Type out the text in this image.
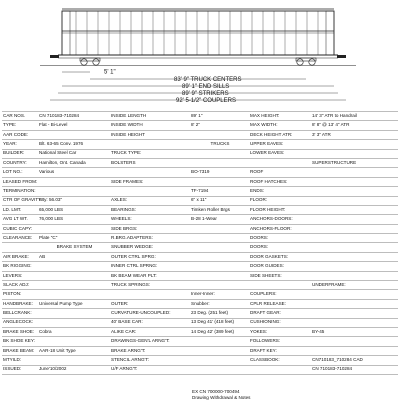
5' 1"
83' 9" TRUCK CENTERS
89' 1" END SILLS
89' 9" STRIKERS
92' 5-1/2" COUPLERS
CAR NOS.	CN 710183-710284	INSIDE LENGTH	89' 1"	MAX HEIGHT:	14' 3" ATR to Handrail
TYPE:	Flat - Bi-Level	INSIDE WIDTH	8' 2"	MAX WIDTH:	8' 8" @ 13' 4" ATR
AAR CODE:		INSIDE HEIGHT		DECK HEIGHT ATR:	3' 3" ATR
YEAR:	Blt. 63-65 Conv. 1976		TRUCKS	UPPER EAVES:	
BUILDER:	National Steel Car	TRUCK TYPE:		LOWER EAVES:	
COUNTRY:	Hamilton, Ont. Canada	BOLSTERS			SUPERSTRUCTURE
LOT NO.:	Various		BO-7319	ROOF	
LEASED FROM:		SIDE FRAMES:		ROOF HATCHES:	
TERMINATION:			TF-7194	ENDS:	
CTR OF GRAVITY:	Mty: 56.03"	AXLES:	6" x 11"	FLOOR:	
LD. LMT.	65,000 LBS	BEARINGS:	Timken Roller Brgs	FLOOR HEIGHT:	
AVG LT WT.	76,000 LBS	WHEELS:	B-28 1-Wear	ANCHORS-DOORS:	
CUBIC CAPY:		SIDE BRGS:		ANCHORS-FLOOR:	
CLEARANCE:	Plate "C"	R.BRG.ADAPTERS:		DOORS:	
	BRAKE SYSTEM	SNUBBER WEDGE:		DOORS:	
AIR BRAKE:	AB	OUTER CTRL SPRG:		DOOR GASKETS:	
BK RIGGING:		INNER CTRL SPRNG:		DOOR GUIDES:	
LEVERS:		BK BEAM WEAR PLT:		SIDE SHEETS:	
SLACK ADJ:		TRUCK SPRINGS:			UNDERFRAME:
PISTON:			Inner-Inner:	COUPLERS:	
HANDBRAKE:	Universal Pump Type	OUTER:	Snubber:	CPLR RELEASE:	
BELLCRANK:		CURVATURE-UNCOUPLED:	23 Deg. (251 feet)	DRAFT GEAR:	
ANGLECOCK:		40' BASE CAR:	13 Deg 41' (418 feet)	CUSHIONING:	
BRAKE SHOE:	Cobra	ALIKE CAR:	14 Deg 42' (389 feet)	YOKES:	BY-45
BK SHOE KEY:		DRAWINGS-GEN'L ARNG'T:		FOLLOWERS:	
BRAKE BEAM:	AAR-18 Unit Type	BRAKE ARNG'T:		DRAFT KEY:	
MTYILD:		STENCIL ARNG'T:		CLASSBOOK:	CN710183_710284 CAD
ISSUED:	June'10/2002	U/F ARNG'T:			CN 710183-710284
EX CN 700000-700494
Drawing Withdrawal & Notes
